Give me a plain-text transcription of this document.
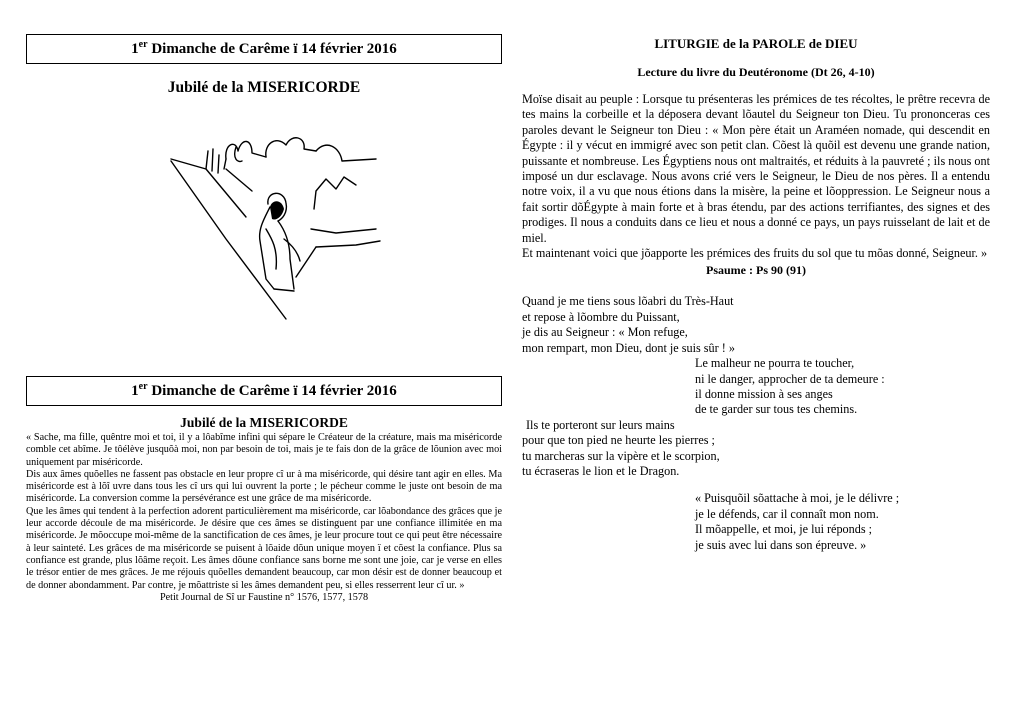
1er Dimanche de Carême ï 14 février 2016
Jubilé de la MISERICORDE
1er Dimanche de Carême ï 14 février 2016
Jubilé de la MISERICORDE

« Sache, ma fille, quêntre moi et toi, il y a lôabîme infini qui sépare le Créateur de la créature, mais ma miséricorde comble cet abîme. Je tôélève jusquõà moi, non par besoin de toi, mais je te fais don de la grâce de lõunion avec moi uniquement par miséricorde.

Dis aux âmes quõelles ne fassent pas obstacle en leur propre cî ur à ma miséricorde, qui désire tant agir en elles. Ma miséricorde est à lõî uvre dans tous les cî urs qui lui ouvrent la porte ; le pécheur comme le juste ont besoin de ma miséricorde. La conversion comme la persévérance est une grâce de ma miséricorde.

Que les âmes qui tendent à la perfection adorent particulièrement ma miséricorde, car lõabondance des grâces que je leur accorde découle de ma miséricorde. Je désire que ces âmes se distinguent par une confiance illimitée en ma miséricorde. Je mõoccupe moi-même de la sanctification de ces âmes, je leur procure tout ce qui peut être nécessaire à leur sainteté. Les grâces de ma miséricorde se puisent à lõaide dõun unique moyen ï et cõest la confiance. Plus sa confiance est grande, plus lõâme reçoit. Les âmes dõune confiance sans borne me sont une joie, car je verse en elles le trésor entier de mes grâces. Je me réjouis quõelles demandent beaucoup, car mon désir est de donner beaucoup et de donner abondamment. Par contre, je mõattriste si les âmes demandent peu, si elles resserrent leur cî ur. »

Petit Journal de Sî ur Faustine n° 1576, 1577, 1578
LITURGIE de la PAROLE de DIEU
Lecture du livre du Deutéronome (Dt 26, 4-10)

Moïse disait au peuple : Lorsque tu présenteras les prémices de tes récoltes, le prêtre recevra de tes mains la corbeille et la déposera devant lõautel du Seigneur ton Dieu. Tu prononceras ces paroles devant le Seigneur ton Dieu : « Mon père était un Araméen nomade, qui descendit en Égypte : il y vécut en immigré avec son petit clan. Cõest là quõil est devenu une grande nation, puissante et nombreuse. Les Égyptiens nous ont maltraités, et réduits à la pauvreté ; ils nous ont imposé un dur esclavage. Nous avons crié vers le Seigneur, le Dieu de nos pères. Il a entendu notre voix, il a vu que nous étions dans la misère, la peine et lõoppression. Le Seigneur nous a fait sortir dõÉgypte à main forte et à bras étendu, par des actions terrifiantes, des signes et des prodiges. Il nous a conduits dans ce lieu et nous a donné ce pays, un pays ruisselant de lait et de miel.

Et maintenant voici que jõapporte les prémices des fruits du sol que tu mõas donné, Seigneur. »

Psaume : Ps 90 (91)
Quand je me tiens sous lõabri du Très-Haut
et repose à lõombre du Puissant,
je dis au Seigneur : « Mon refuge,
mon rempart, mon Dieu, dont je suis sûr ! »
Le malheur ne pourra te toucher,
ni le danger, approcher de ta demeure :
il donne mission à ses anges
de te garder sur tous tes chemins.
Ils te porteront sur leurs mains
pour que ton pied ne heurte les pierres ;
tu marcheras sur la vipère et le scorpion,
tu écraseras le lion et le Dragon.
« Puisquõil sõattache à moi, je le délivre ;
je le défends, car il connaît mon nom.
Il mõappelle, et moi, je lui réponds ;
je suis avec lui dans son épreuve. »
